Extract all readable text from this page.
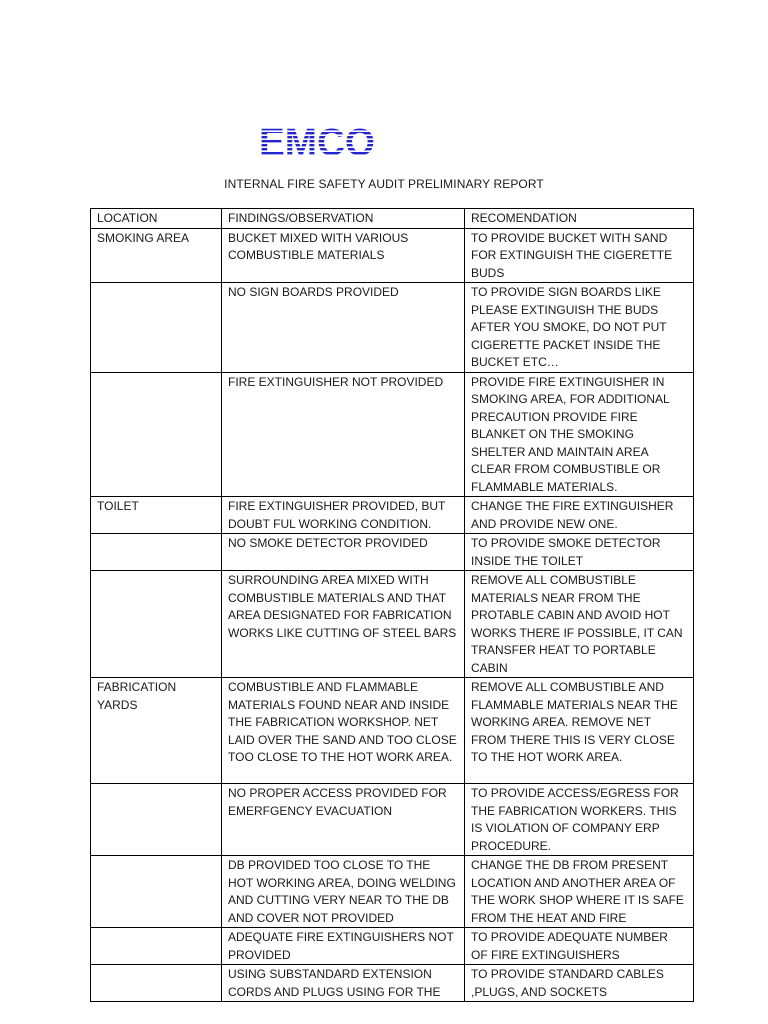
EMCO
INTERNAL FIRE SAFETY AUDIT PRELIMINARY REPORT
LOCATION	FINDINGS/OBSERVATION	RECOMENDATION
SMOKING AREA	BUCKET MIXED WITH VARIOUS COMBUSTIBLE MATERIALS	TO PROVIDE BUCKET WITH SAND FOR EXTINGUISH THE CIGERETTE BUDS
	NO SIGN BOARDS PROVIDED	TO PROVIDE SIGN BOARDS LIKE PLEASE EXTINGUISH THE BUDS AFTER YOU SMOKE, DO NOT PUT CIGERETTE PACKET INSIDE THE BUCKET ETC…
	FIRE EXTINGUISHER NOT PROVIDED	PROVIDE FIRE EXTINGUISHER IN SMOKING AREA, FOR ADDITIONAL PRECAUTION PROVIDE FIRE BLANKET ON THE SMOKING SHELTER AND MAINTAIN AREA CLEAR FROM COMBUSTIBLE OR FLAMMABLE MATERIALS.
TOILET	FIRE EXTINGUISHER PROVIDED, BUT DOUBT FUL WORKING CONDITION.	CHANGE THE FIRE EXTINGUISHER AND PROVIDE NEW ONE.
	NO SMOKE DETECTOR PROVIDED	TO PROVIDE SMOKE DETECTOR INSIDE THE TOILET
	SURROUNDING AREA MIXED WITH COMBUSTIBLE MATERIALS AND THAT AREA DESIGNATED FOR FABRICATION WORKS LIKE CUTTING OF STEEL BARS	REMOVE ALL COMBUSTIBLE MATERIALS NEAR FROM THE PROTABLE CABIN AND AVOID HOT WORKS THERE IF POSSIBLE, IT CAN TRANSFER HEAT TO PORTABLE CABIN
FABRICATION YARDS	COMBUSTIBLE AND FLAMMABLE MATERIALS FOUND NEAR AND INSIDE THE FABRICATION WORKSHOP. NET LAID OVER THE SAND AND TOO CLOSE TOO CLOSE TO THE HOT WORK AREA.	REMOVE ALL COMBUSTIBLE AND FLAMMABLE MATERIALS NEAR THE WORKING AREA. REMOVE NET FROM THERE THIS IS VERY CLOSE TO THE HOT WORK AREA.
	NO PROPER ACCESS PROVIDED FOR EMERFGENCY EVACUATION	TO PROVIDE ACCESS/EGRESS FOR THE FABRICATION WORKERS. THIS IS VIOLATION OF COMPANY ERP PROCEDURE.
	DB PROVIDED TOO CLOSE TO THE HOT WORKING AREA, DOING WELDING AND CUTTING VERY NEAR TO THE DB AND COVER NOT PROVIDED	CHANGE THE DB FROM PRESENT LOCATION AND ANOTHER AREA OF THE WORK SHOP WHERE IT IS SAFE FROM THE HEAT AND FIRE
	ADEQUATE FIRE EXTINGUISHERS NOT PROVIDED	TO PROVIDE ADEQUATE NUMBER OF FIRE EXTINGUISHERS
	USING SUBSTANDARD EXTENSION CORDS AND PLUGS USING FOR THE	TO PROVIDE STANDARD CABLES ,PLUGS, AND SOCKETS
